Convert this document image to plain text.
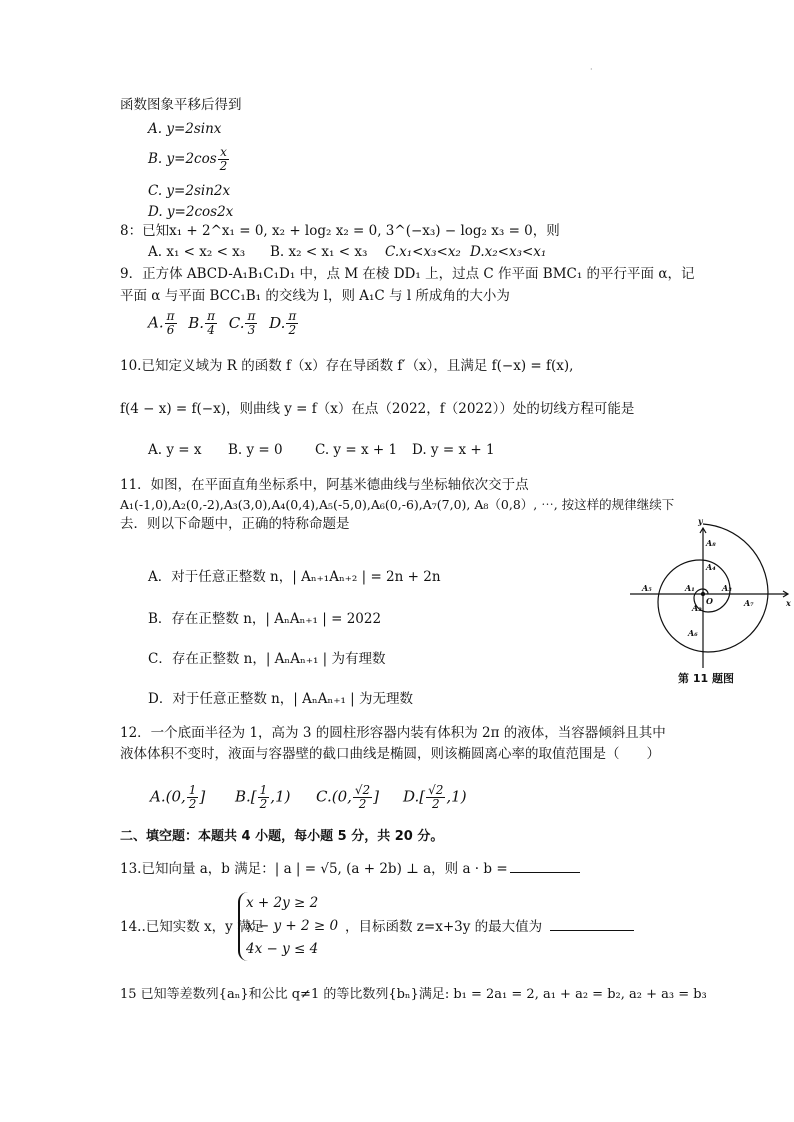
·
函数图象平移后得到
A. y=2sinx
B. $y=2\cos \frac{x}{2}$
C. y=2sin2x
D. y=2cos2x
8：已知x₁ + 2^x₁ = 0, x₂ + log₂ x₂ = 0, 3^(−x₃) − log₂ x₃ = 0，则
A. x₁ < x₂ < x₃ B. x₂ < x₁ < x₃ C.x₁<x₃<x₂ D.x₂<x₃<x₁
9．正方体 ABCD-A₁B₁C₁D₁ 中，点 M 在棱 DD₁ 上，过点 C 作平面 BMC₁ 的平行平面 α，记
平面 α 与平面 BCC₁B₁ 的交线为 l，则 A₁C 与 l 所成角的大小为
A. $\frac{\pi}{6} B$. $\frac{\pi}{4} C$. $\frac{\pi}{3} D$. $\frac{\pi}{2}$
10.已知定义域为 R 的函数 f（x）存在导函数 f′（x），且满足 f(−x) = f(x),
f(4 − x) = f(−x)，则曲线 y = f（x）在点（2022，f（2022））处的切线方程可能是
A. y = x B. y = 0 C. y = x + 1 D. y = x + 1
11．如图，在平面直角坐标系中，阿基米德曲线与坐标轴依次交于点
A₁(-1,0),A₂(0,-2),A₃(3,0),A₄(0,4),A₅(-5,0),A₆(0,-6),A₇(7,0), A₈（0,8）, ⋯, 按这样的规律继续下
去．则以下命题中，正确的特称命题是
A．对于任意正整数 n，| Aₙ₊₁Aₙ₊₂ | = 2n + 2n
B．存在正整数 n，| AₙAₙ₊₁ | = 2022
C．存在正整数 n，| AₙAₙ₊₁ | 为有理数
D．对于任意正整数 n，| AₙAₙ₊₁ | 为无理数
y
x
O
A₁
A₂
A₃
A₄
A₅
A₆
A₇
A₈
第 11 题图
12．一个底面半径为 1，高为 3 的圆柱形容器内装有体积为 2π 的液体，当容器倾斜且其中
液体体积不变时，液面与容器壁的截口曲线是椭圆，则该椭圆离心率的取值范围是（　　）
A.(0, $\frac{1}{2}$ ] $B.[ \frac{1}{2} ,1)$ C.(0, $\frac{√2}{2}$ ] $D.[ \frac{√2}{2} ,1)$
二、填空题：本题共 4 小题，每小题 5 分，共 20 分。
13.已知向量 a，b 满足：| a | = √5, (a + 2b) ⊥ a，则 a · b =
14..已知实数 x，y 满足
x + 2y ≥ 2
x − y + 2 ≥ 0
4x − y ≤ 4
，目标函数 z=x+3y 的最大值为
15 已知等差数列{aₙ}和公比 q≠1 的等比数列{bₙ}满足: b₁ = 2a₁ = 2, a₁ + a₂ = b₂, a₂ + a₃ = b₃
